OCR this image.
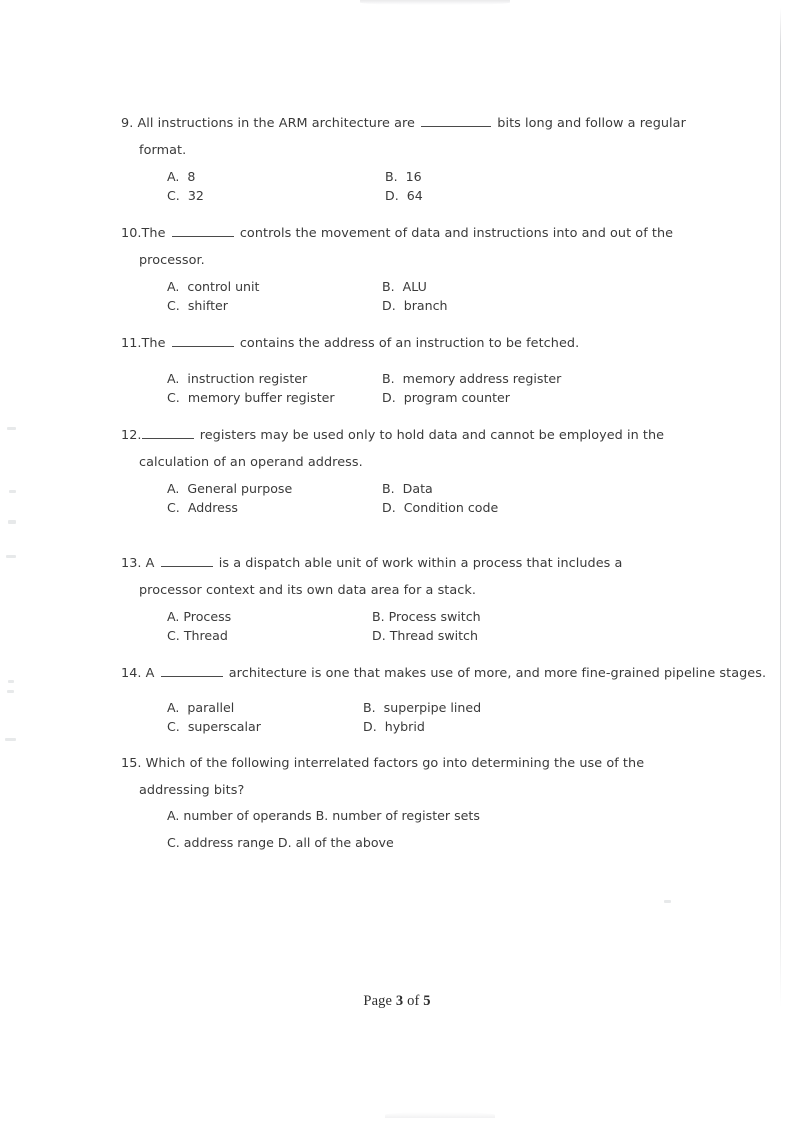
9. All instructions in the ARM architecture are	bits long and follow a regular
format.
A. 8	B. 16
C. 32	D. 64
10.The	controls the movement of data and instructions into and out of the
processor.
A. control unit	B. ALU
C. shifter	D. branch
11.The	contains the address of an instruction to be fetched.
A. instruction register	B. memory address register
C. memory buffer register	D. program counter
12.	registers may be used only to hold data and cannot be employed in the
calculation of an operand address.
A. General purpose	B. Data
C. Address	D. Condition code
13. A	is a dispatch able unit of work within a process that includes a
processor context and its own data area for a stack.
A. Process	B. Process switch
C. Thread	D. Thread switch
14. A	architecture is one that makes use of more, and more fine-grained pipeline stages.
A. parallel	B. superpipe lined
C. superscalar	D. hybrid
15. Which of the following interrelated factors go into determining the use of the
addressing bits?
A. number of operands B. number of register sets
C. address range D. all of the above
Page 3 of 5
